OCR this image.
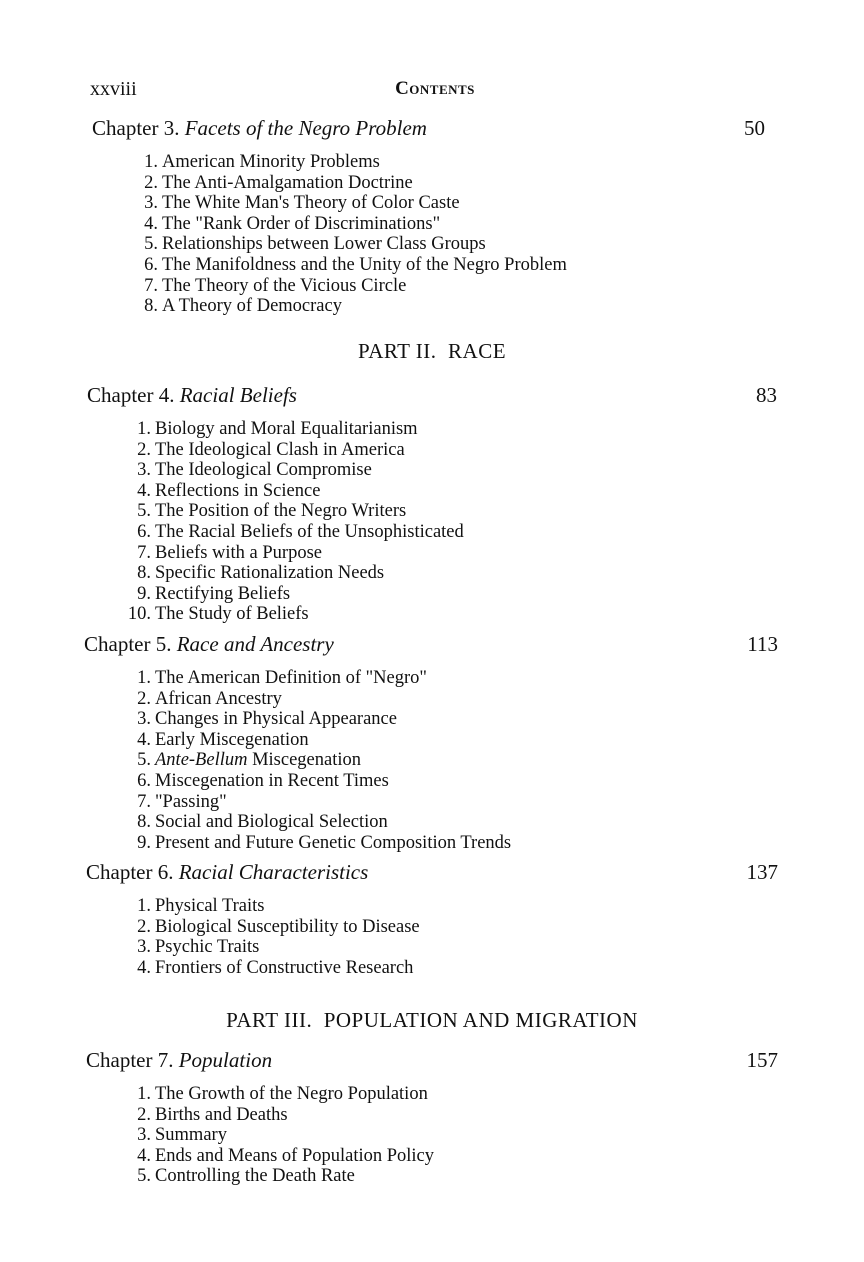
xxviii	Contents
Chapter 3. Facets of the Negro Problem	50
1. American Minority Problems
2. The Anti-Amalgamation Doctrine
3. The White Man's Theory of Color Caste
4. The "Rank Order of Discriminations"
5. Relationships between Lower Class Groups
6. The Manifoldness and the Unity of the Negro Problem
7. The Theory of the Vicious Circle
8. A Theory of Democracy
PART II. RACE
Chapter 4. Racial Beliefs	83
1. Biology and Moral Equalitarianism
2. The Ideological Clash in America
3. The Ideological Compromise
4. Reflections in Science
5. The Position of the Negro Writers
6. The Racial Beliefs of the Unsophisticated
7. Beliefs with a Purpose
8. Specific Rationalization Needs
9. Rectifying Beliefs
10. The Study of Beliefs
Chapter 5. Race and Ancestry	113
1. The American Definition of "Negro"
2. African Ancestry
3. Changes in Physical Appearance
4. Early Miscegenation
5. Ante-Bellum Miscegenation
6. Miscegenation in Recent Times
7. "Passing"
8. Social and Biological Selection
9. Present and Future Genetic Composition Trends
Chapter 6. Racial Characteristics	137
1. Physical Traits
2. Biological Susceptibility to Disease
3. Psychic Traits
4. Frontiers of Constructive Research
PART III. POPULATION AND MIGRATION
Chapter 7. Population	157
1. The Growth of the Negro Population
2. Births and Deaths
3. Summary
4. Ends and Means of Population Policy
5. Controlling the Death Rate
